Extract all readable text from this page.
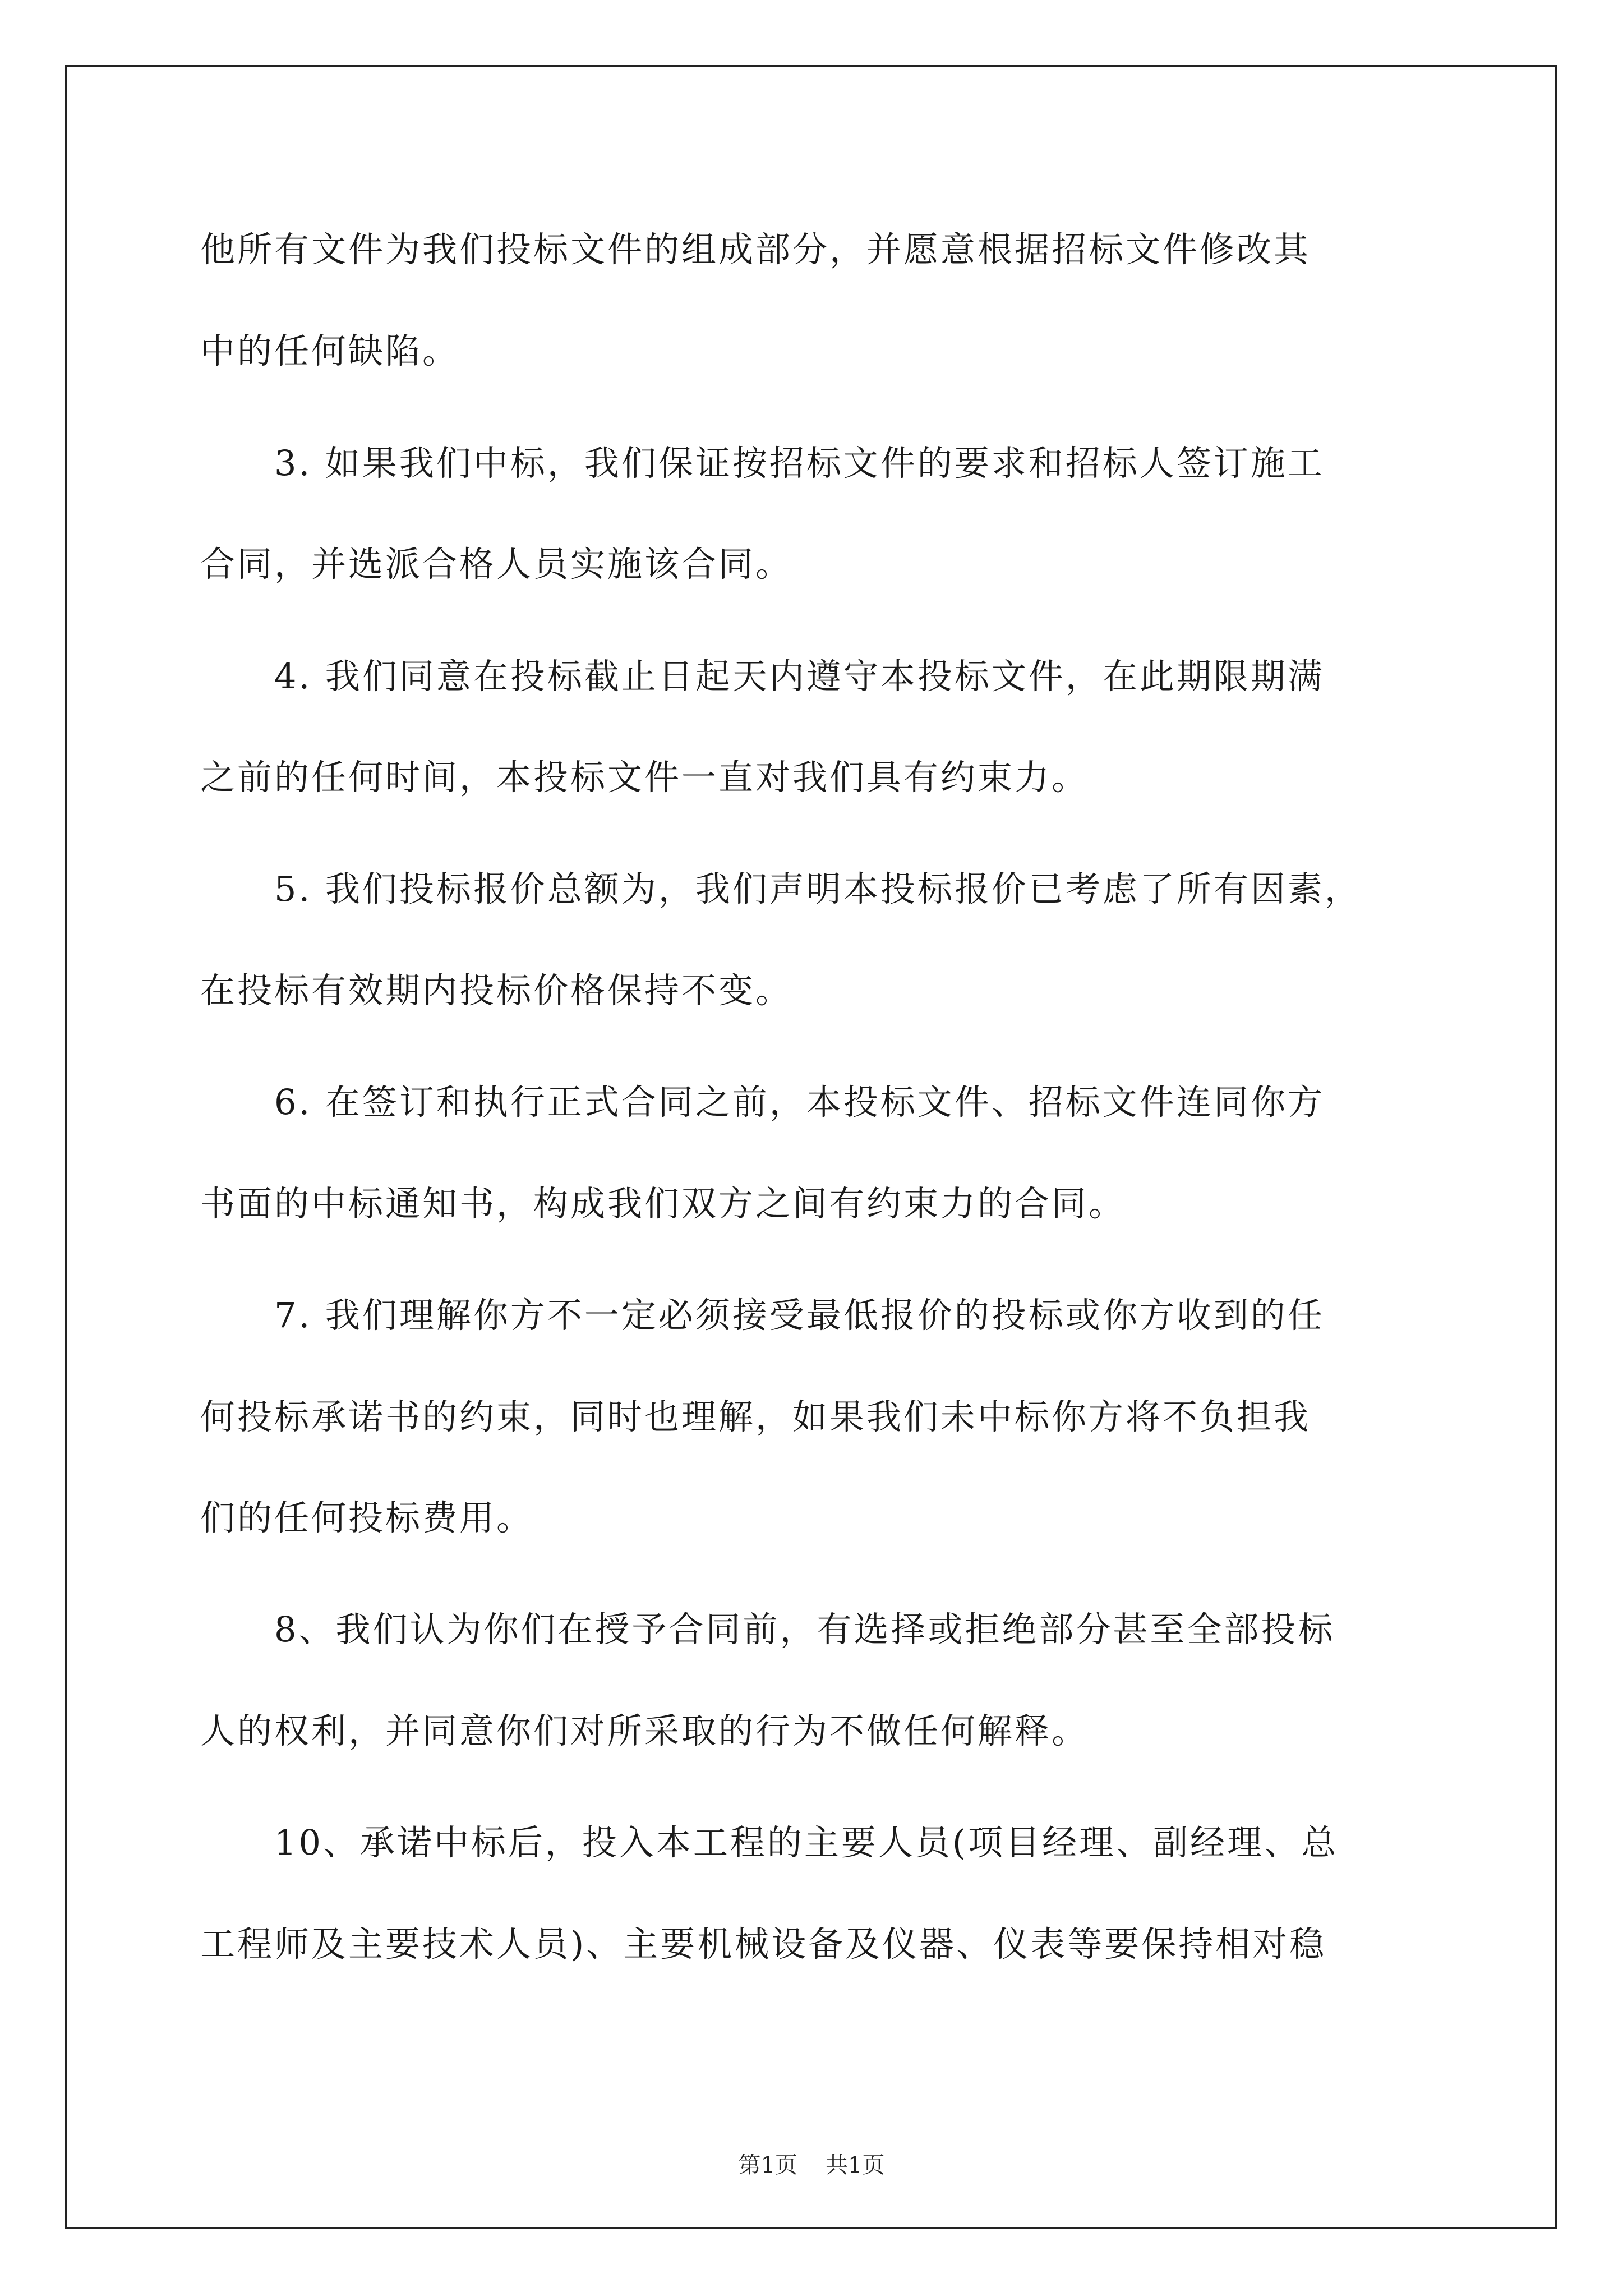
他所有文件为我们投标文件的组成部分，并愿意根据招标文件修改其
中的任何缺陷。
　　3. 如果我们中标，我们保证按招标文件的要求和招标人签订施工
合同，并选派合格人员实施该合同。
　　4. 我们同意在投标截止日起天内遵守本投标文件，在此期限期满
之前的任何时间，本投标文件一直对我们具有约束力。
　　5. 我们投标报价总额为，我们声明本投标报价已考虑了所有因素，
在投标有效期内投标价格保持不变。
　　6. 在签订和执行正式合同之前，本投标文件、招标文件连同你方
书面的中标通知书，构成我们双方之间有约束力的合同。
　　7. 我们理解你方不一定必须接受最低报价的投标或你方收到的任
何投标承诺书的约束，同时也理解，如果我们未中标你方将不负担我
们的任何投标费用。
　　8、我们认为你们在授予合同前，有选择或拒绝部分甚至全部投标
人的权利，并同意你们对所采取的行为不做任何解释。
　　10、承诺中标后，投入本工程的主要人员(项目经理、副经理、总
工程师及主要技术人员)、主要机械设备及仪器、仪表等要保持相对稳
第1页 共1页
